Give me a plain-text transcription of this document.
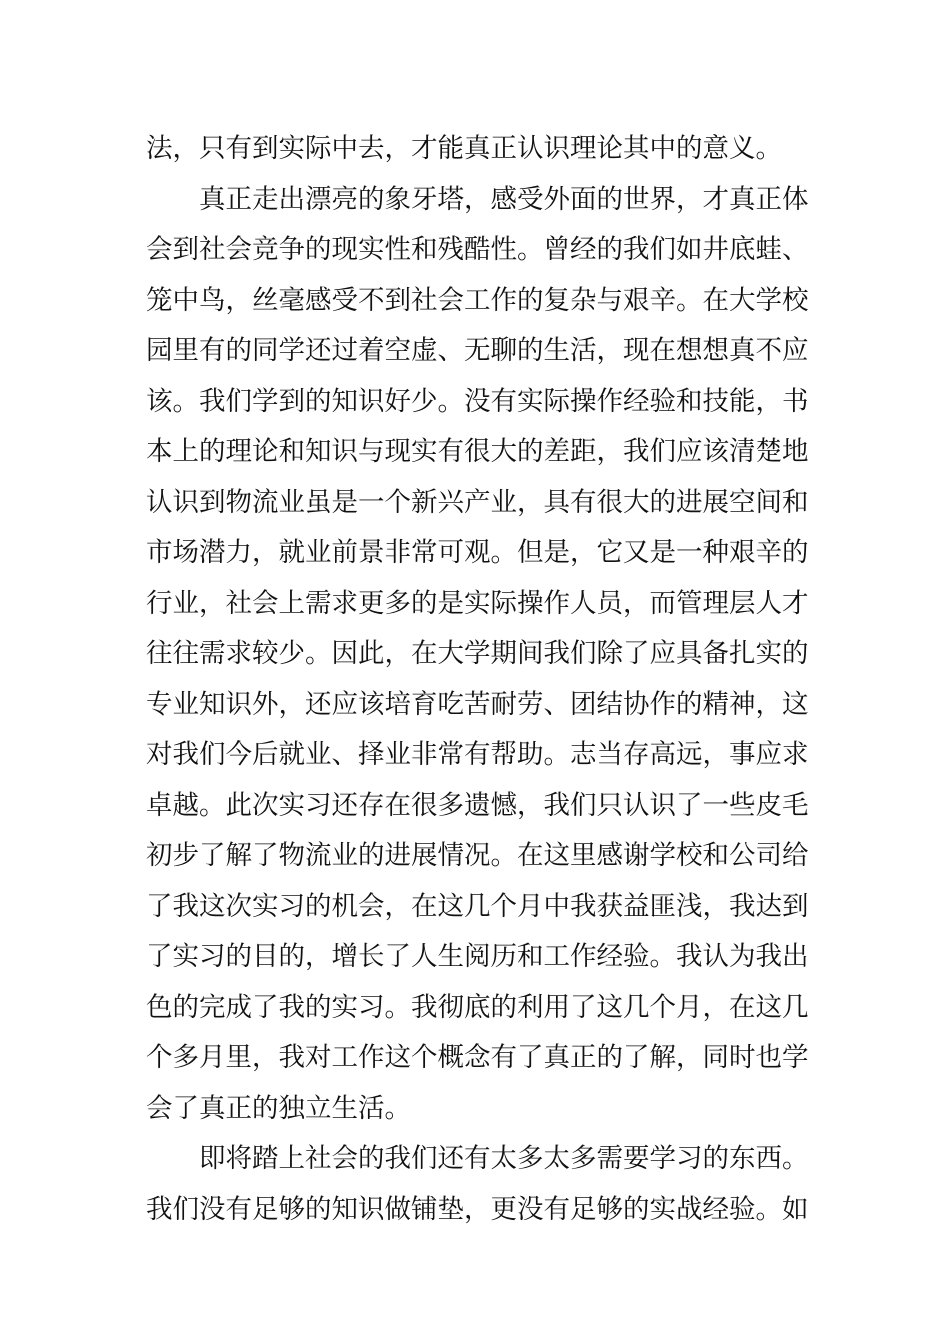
法，只有到实际中去，才能真正认识理论其中的意义。
真正走出漂亮的象牙塔，感受外面的世界，才真正体
会到社会竞争的现实性和残酷性。曾经的我们如井底蛙、
笼中鸟，丝毫感受不到社会工作的复杂与艰辛。在大学校
园里有的同学还过着空虚、无聊的生活，现在想想真不应
该。我们学到的知识好少。没有实际操作经验和技能，书
本上的理论和知识与现实有很大的差距，我们应该清楚地
认识到物流业虽是一个新兴产业，具有很大的进展空间和
市场潜力，就业前景非常可观。但是，它又是一种艰辛的
行业，社会上需求更多的是实际操作人员，而管理层人才
往往需求较少。因此，在大学期间我们除了应具备扎实的
专业知识外，还应该培育吃苦耐劳、团结协作的精神，这
对我们今后就业、择业非常有帮助。志当存高远，事应求
卓越。此次实习还存在很多遗憾，我们只认识了一些皮毛
初步了解了物流业的进展情况。在这里感谢学校和公司给
了我这次实习的机会，在这几个月中我获益匪浅，我达到
了实习的目的，增长了人生阅历和工作经验。我认为我出
色的完成了我的实习。我彻底的利用了这几个月，在这几
个多月里，我对工作这个概念有了真正的了解，同时也学
会了真正的独立生活。
即将踏上社会的我们还有太多太多需要学习的东西。
我们没有足够的知识做铺垫，更没有足够的实战经验。如
